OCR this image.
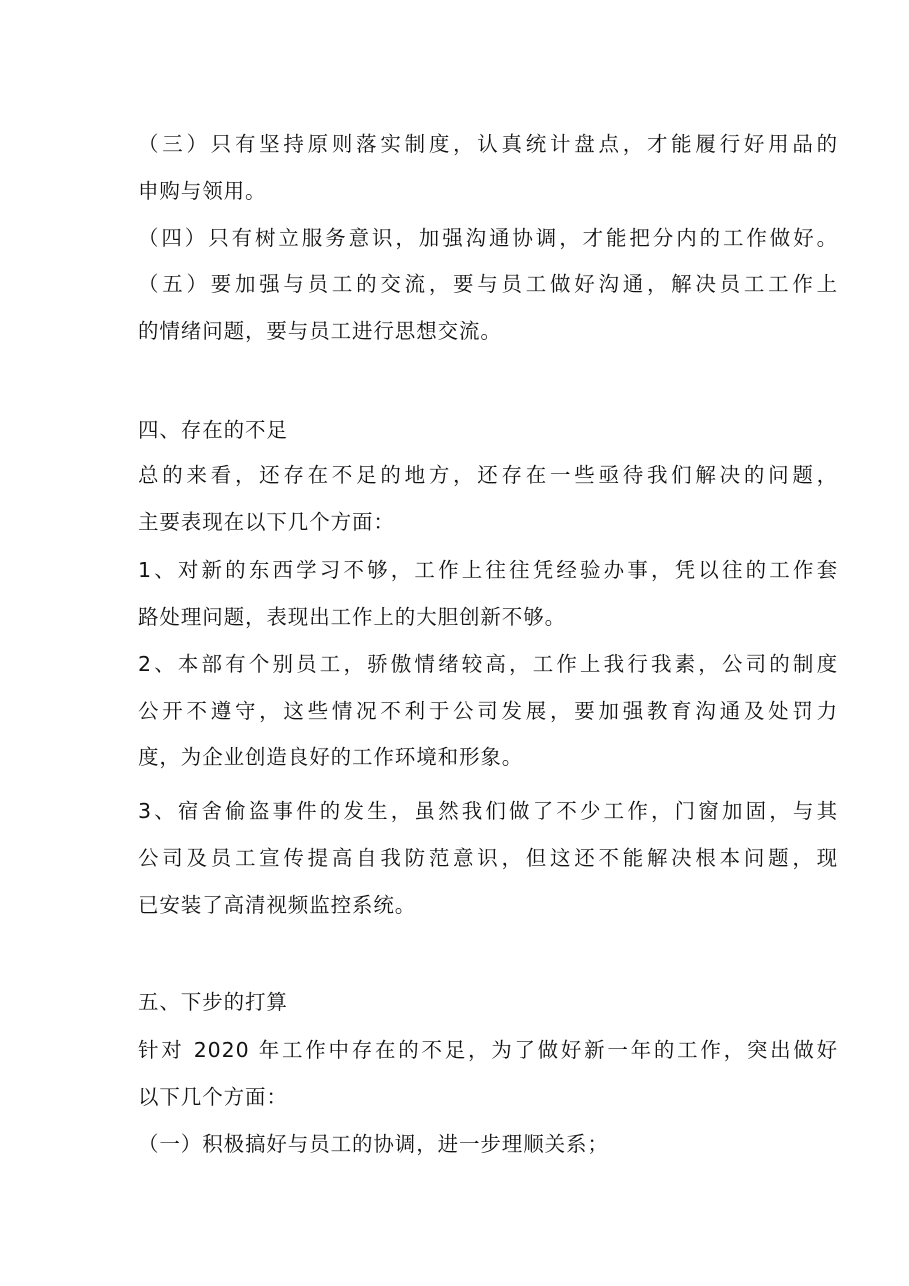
（三）只有坚持原则落实制度，认真统计盘点，才能履行好用品的

申购与领用。

（四）只有树立服务意识，加强沟通协调，才能把分内的工作做好。

（五）要加强与员工的交流，要与员工做好沟通，解决员工工作上

的情绪问题，要与员工进行思想交流。

四、存在的不足

总的来看，还存在不足的地方，还存在一些亟待我们解决的问题，

主要表现在以下几个方面：

1、对新的东西学习不够，工作上往往凭经验办事，凭以往的工作套

路处理问题，表现出工作上的大胆创新不够。

2、本部有个别员工，骄傲情绪较高，工作上我行我素，公司的制度

公开不遵守，这些情况不利于公司发展，要加强教育沟通及处罚力

度，为企业创造良好的工作环境和形象。

3、宿舍偷盗事件的发生，虽然我们做了不少工作，门窗加固，与其

公司及员工宣传提高自我防范意识，但这还不能解决根本问题，现

已安装了高清视频监控系统。

五、下步的打算

针对 2020 年工作中存在的不足，为了做好新一年的工作，突出做好

以下几个方面：

（一）积极搞好与员工的协调，进一步理顺关系；
